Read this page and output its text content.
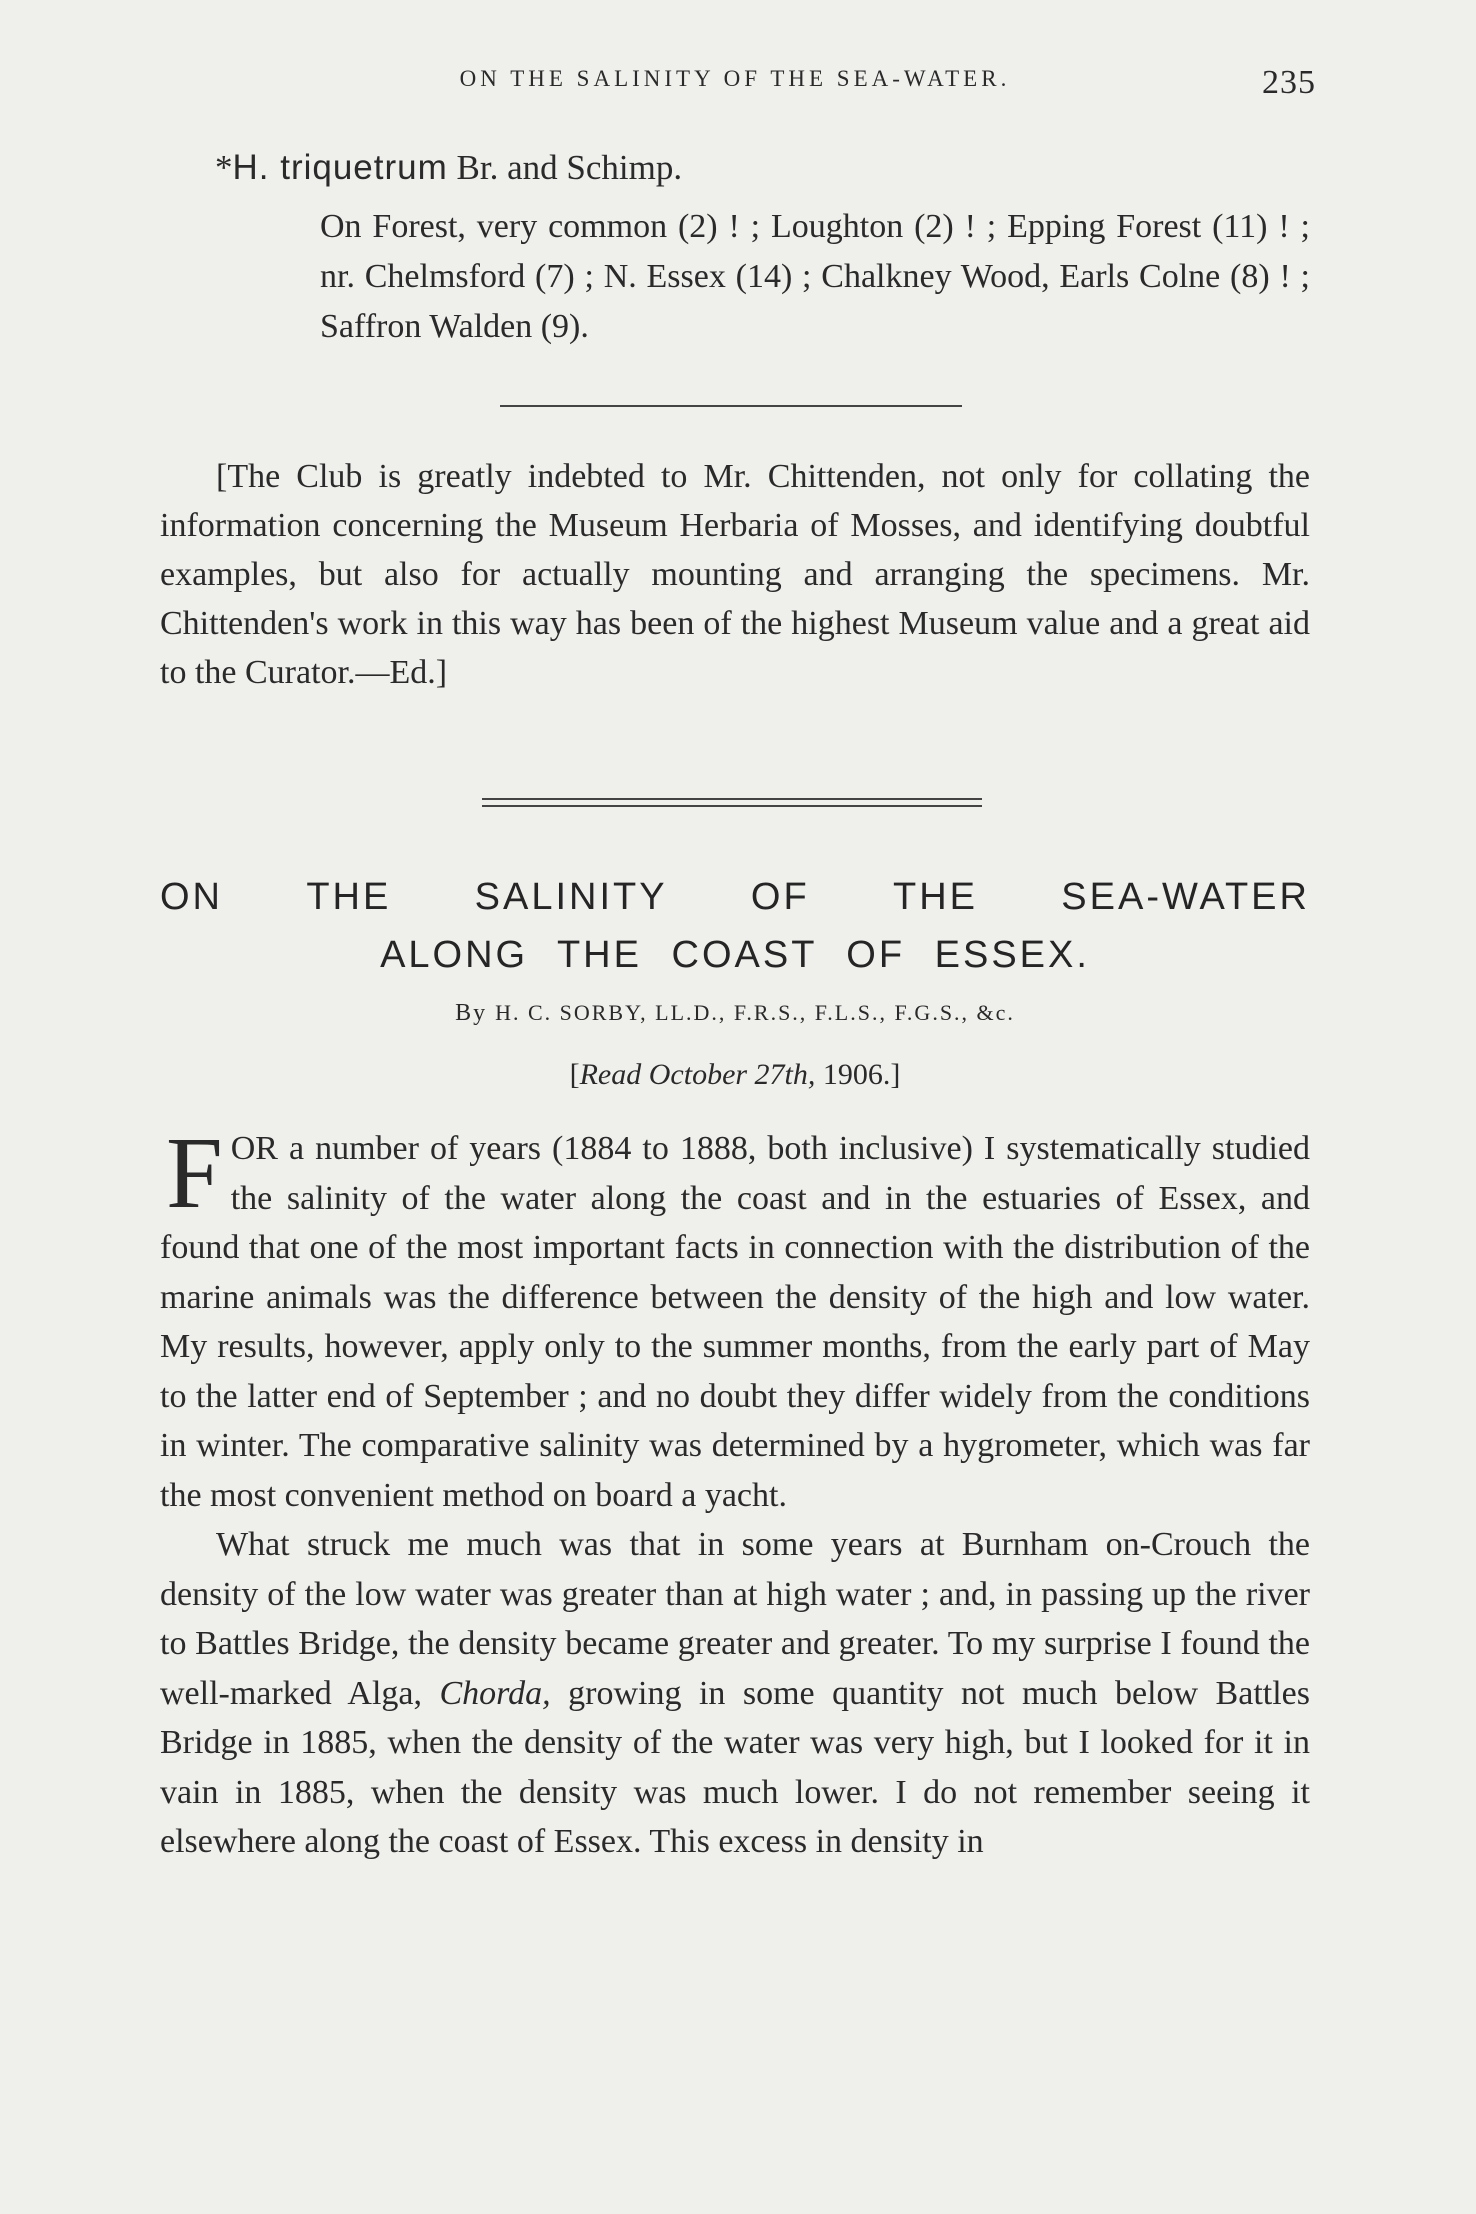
ON THE SALINITY OF THE SEA-WATER.	235
*H. triquetrum Br. and Schimp.
On Forest, very common (2) ! ; Loughton (2) ! ; Epping Forest (11) ! ; nr. Chelmsford (7) ; N. Essex (14) ; Chalkney Wood, Earls Colne (8) ! ; Saffron Walden (9).

[The Club is greatly indebted to Mr. Chittenden, not only for collating the information concerning the Museum Herbaria of Mosses, and identifying doubtful examples, but also for actually mounting and arranging the specimens. Mr. Chittenden's work in this way has been of the highest Museum value and a great aid to the Curator.—Ed.]

ON THE SALINITY OF THE SEA-WATER
ALONG THE COAST OF ESSEX.
By H. C. SORBY, LL.D., F.R.S., F.L.S., F.G.S., &c.
[Read October 27th, 1906.]

FOR a number of years (1884 to 1888, both inclusive) I systematically studied the salinity of the water along the coast and in the estuaries of Essex, and found that one of the most important facts in connection with the distribution of the marine animals was the difference between the density of the high and low water. My results, however, apply only to the summer months, from the early part of May to the latter end of September ; and no doubt they differ widely from the conditions in winter. The comparative salinity was determined by a hygrometer, which was far the most convenient method on board a yacht.

What struck me much was that in some years at Burnham on-Crouch the density of the low water was greater than at high water ; and, in passing up the river to Battles Bridge, the density became greater and greater. To my surprise I found the well-marked Alga, Chorda, growing in some quantity not much below Battles Bridge in 1885, when the density of the water was very high, but I looked for it in vain in 1885, when the density was much lower. I do not remember seeing it elsewhere along the coast of Essex. This excess in density in
